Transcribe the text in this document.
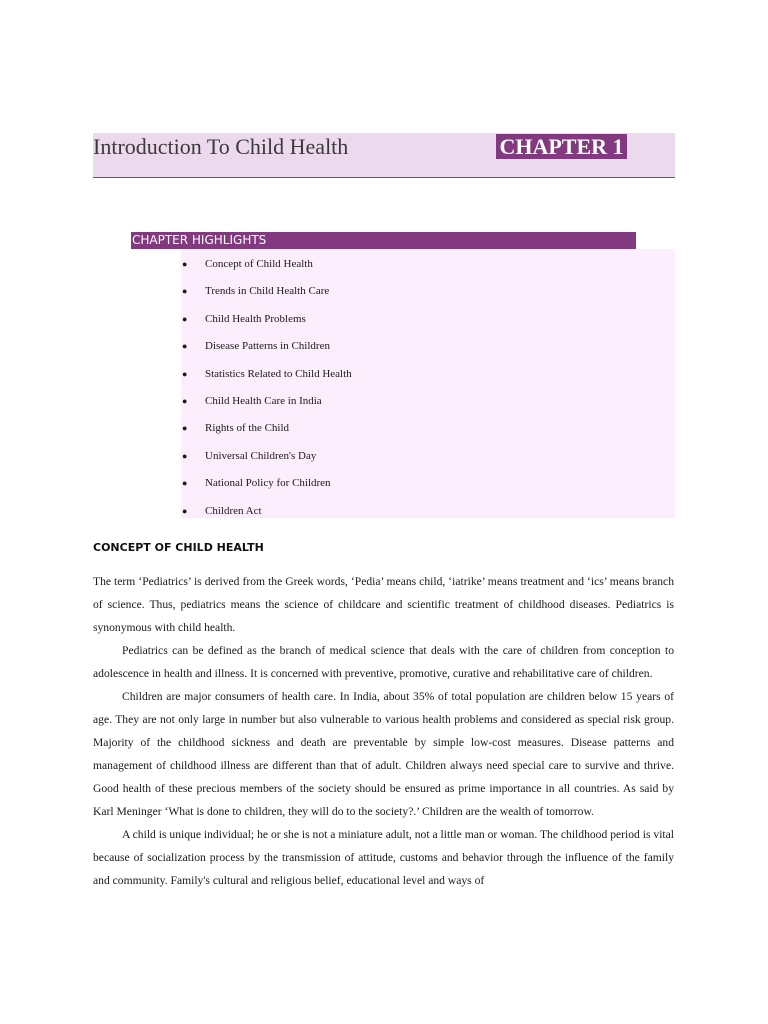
Introduction To Child Health	CHAPTER 1
CHAPTER HIGHLIGHTS
● Concept of Child Health
● Trends in Child Health Care
● Child Health Problems
● Disease Patterns in Children
● Statistics Related to Child Health
● Child Health Care in India
● Rights of the Child
● Universal Children's Day
● National Policy for Children
● Children Act
CONCEPT OF CHILD HEALTH

The term ‘Pediatrics’ is derived from the Greek words, ‘Pedia’ means child, ‘iatrike’ means treatment and ‘ics’ means branch of science. Thus, pediatrics means the science of childcare and scientific treatment of childhood diseases. Pediatrics is synonymous with child health.

Pediatrics can be defined as the branch of medical science that deals with the care of children from conception to adolescence in health and illness. It is concerned with preventive, promotive, curative and rehabilitative care of children.

Children are major consumers of health care. In India, about 35% of total population are children below 15 years of age. They are not only large in number but also vulnerable to various health problems and considered as special risk group. Majority of the childhood sickness and death are preventable by simple low-cost measures. Disease patterns and management of childhood illness are different than that of adult. Children always need special care to survive and thrive. Good health of these precious members of the society should be ensured as prime importance in all countries. As said by Karl Meninger ‘What is done to children, they will do to the society?.’ Children are the wealth of tomorrow.

A child is unique individual; he or she is not a miniature adult, not a little man or woman. The childhood period is vital because of socialization process by the transmission of attitude, customs and behavior through the influence of the family and community. Family's cultural and religious belief, educational level and ways of
